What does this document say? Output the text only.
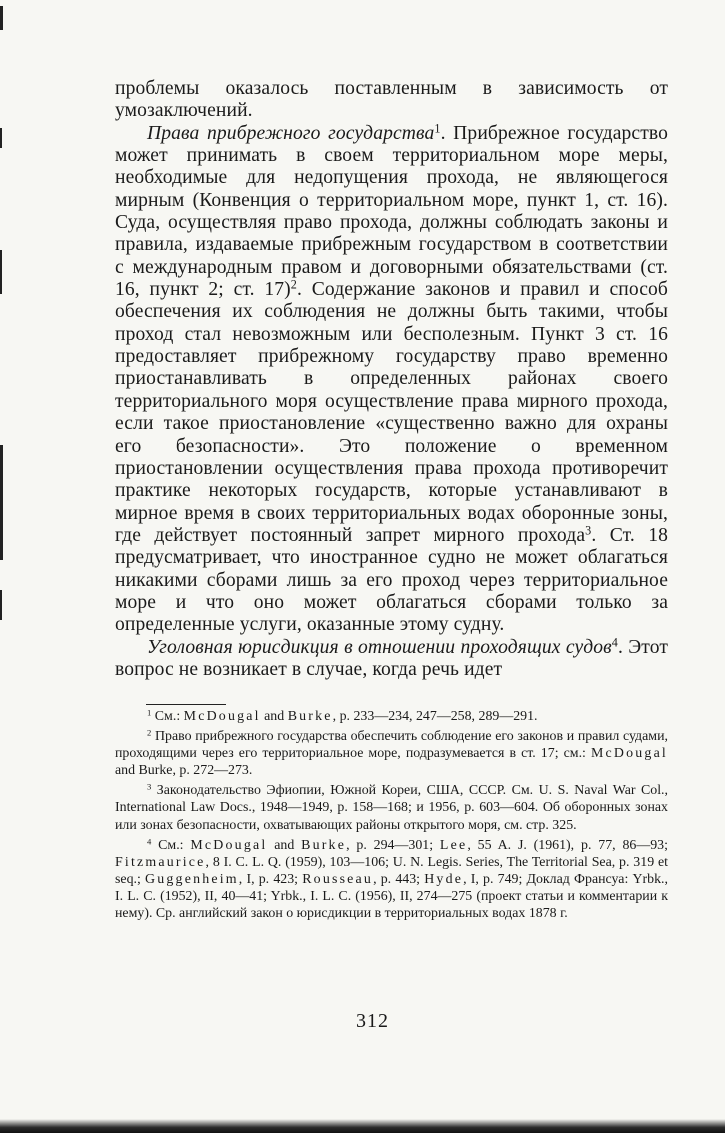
проблемы оказалось поставленным в зависимость от умозаключений.

Права прибрежного государства$^1$. Прибрежное государство может принимать в своем территориальном море меры, необходимые для недопущения прохода, не являющегося мирным (Конвенция о территориальном море, пункт 1, ст. 16). Суда, осуществляя право прохода, должны соблюдать законы и правила, издаваемые прибрежным государством в соответствии с международным правом и договорными обязательствами (ст. 16, пункт 2; ст. 17)$^2$. Содержание законов и правил и способ обеспечения их соблюдения не должны быть такими, чтобы проход стал невозможным или бесполезным. Пункт 3 ст. 16 предоставляет прибрежному государству право временно приостанавливать в определенных районах своего территориального моря осуществление права мирного прохода, если такое приостановление «существенно важно для охраны его безопасности». Это положение о временном приостановлении осуществления права прохода противоречит практике некоторых государств, которые устанавливают в мирное время в своих территориальных водах оборонные зоны, где действует постоянный запрет мирного прохода$^3$. Ст. 18 предусматривает, что иностранное судно не может облагаться никакими сборами лишь за его проход через территориальное море и что оно может облагаться сборами только за определенные услуги, оказанные этому судну.

Уголовная юрисдикция в отношении проходящих судов$^4$. Этот вопрос не возникает в случае, когда речь идет

$^1$ См.: McDougal and Burke, p. 233—234, 247—258, 289—291.

$^2$ Право прибрежного государства обеспечить соблюдение его законов и правил судами, проходящими через его территориальное море, подразумевается в ст. 17; см.: McDougal and Burke, p. 272—273.

$^3$ Законодательство Эфиопии, Южной Кореи, США, СССР. См. U. S. Naval War Col., International Law Docs., 1948—1949, p. 158—168; и 1956, p. 603—604. Об оборонных зонах или зонах безопасности, охватывающих районы открытого моря, см. стр. 325.

$^4$ См.: McDougal and Burke, p. 294—301; Lee, 55 A. J. (1961), p. 77, 86—93; Fitzmaurice, 8 I. C. L. Q. (1959), 103—106; U. N. Legis. Series, The Territorial Sea, p. 319 et seq.; Guggenheim, I, p. 423; Rousseau, p. 443; Hyde, I, p. 749; Доклад Франсуа: Yrbk., I. L. C. (1952), II, 40—41; Yrbk., I. L. C. (1956), II, 274—275 (проект статьи и комментарии к нему). Ср. английский закон о юрисдикции в территориальных водах 1878 г.

312
